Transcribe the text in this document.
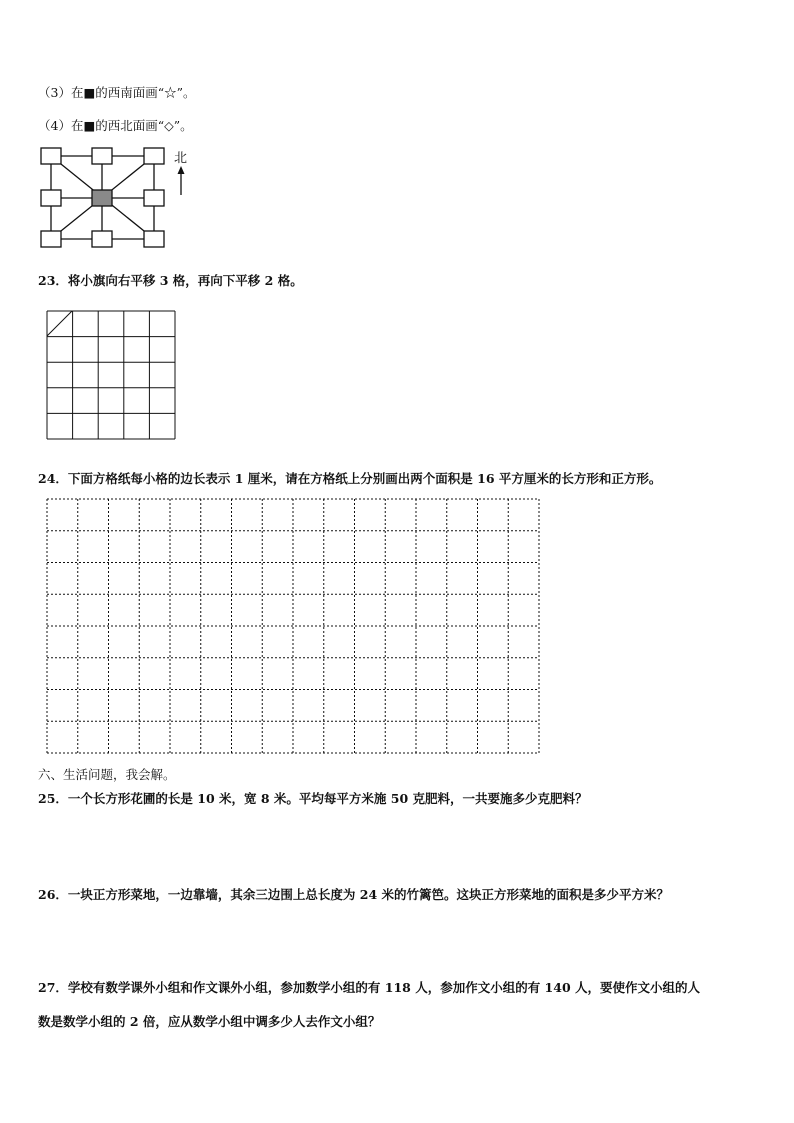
（3）在■的西南面画“☆”。
（4）在■的西北面画“◇”。
北
23．将小旗向右平移 3 格，再向下平移 2 格。
24．下面方格纸每小格的边长表示 1 厘米，请在方格纸上分别画出两个面积是 16 平方厘米的长方形和正方形。
六、生活问题，我会解。
25．一个长方形花圃的长是 10 米，宽 8 米。平均每平方米施 50 克肥料，一共要施多少克肥料？
26．一块正方形菜地，一边靠墙，其余三边围上总长度为 24 米的竹篱笆。这块正方形菜地的面积是多少平方米？
27．学校有数学课外小组和作文课外小组，参加数学小组的有 118 人，参加作文小组的有 140 人，要使作文小组的人
数是数学小组的 2 倍，应从数学小组中调多少人去作文小组？
